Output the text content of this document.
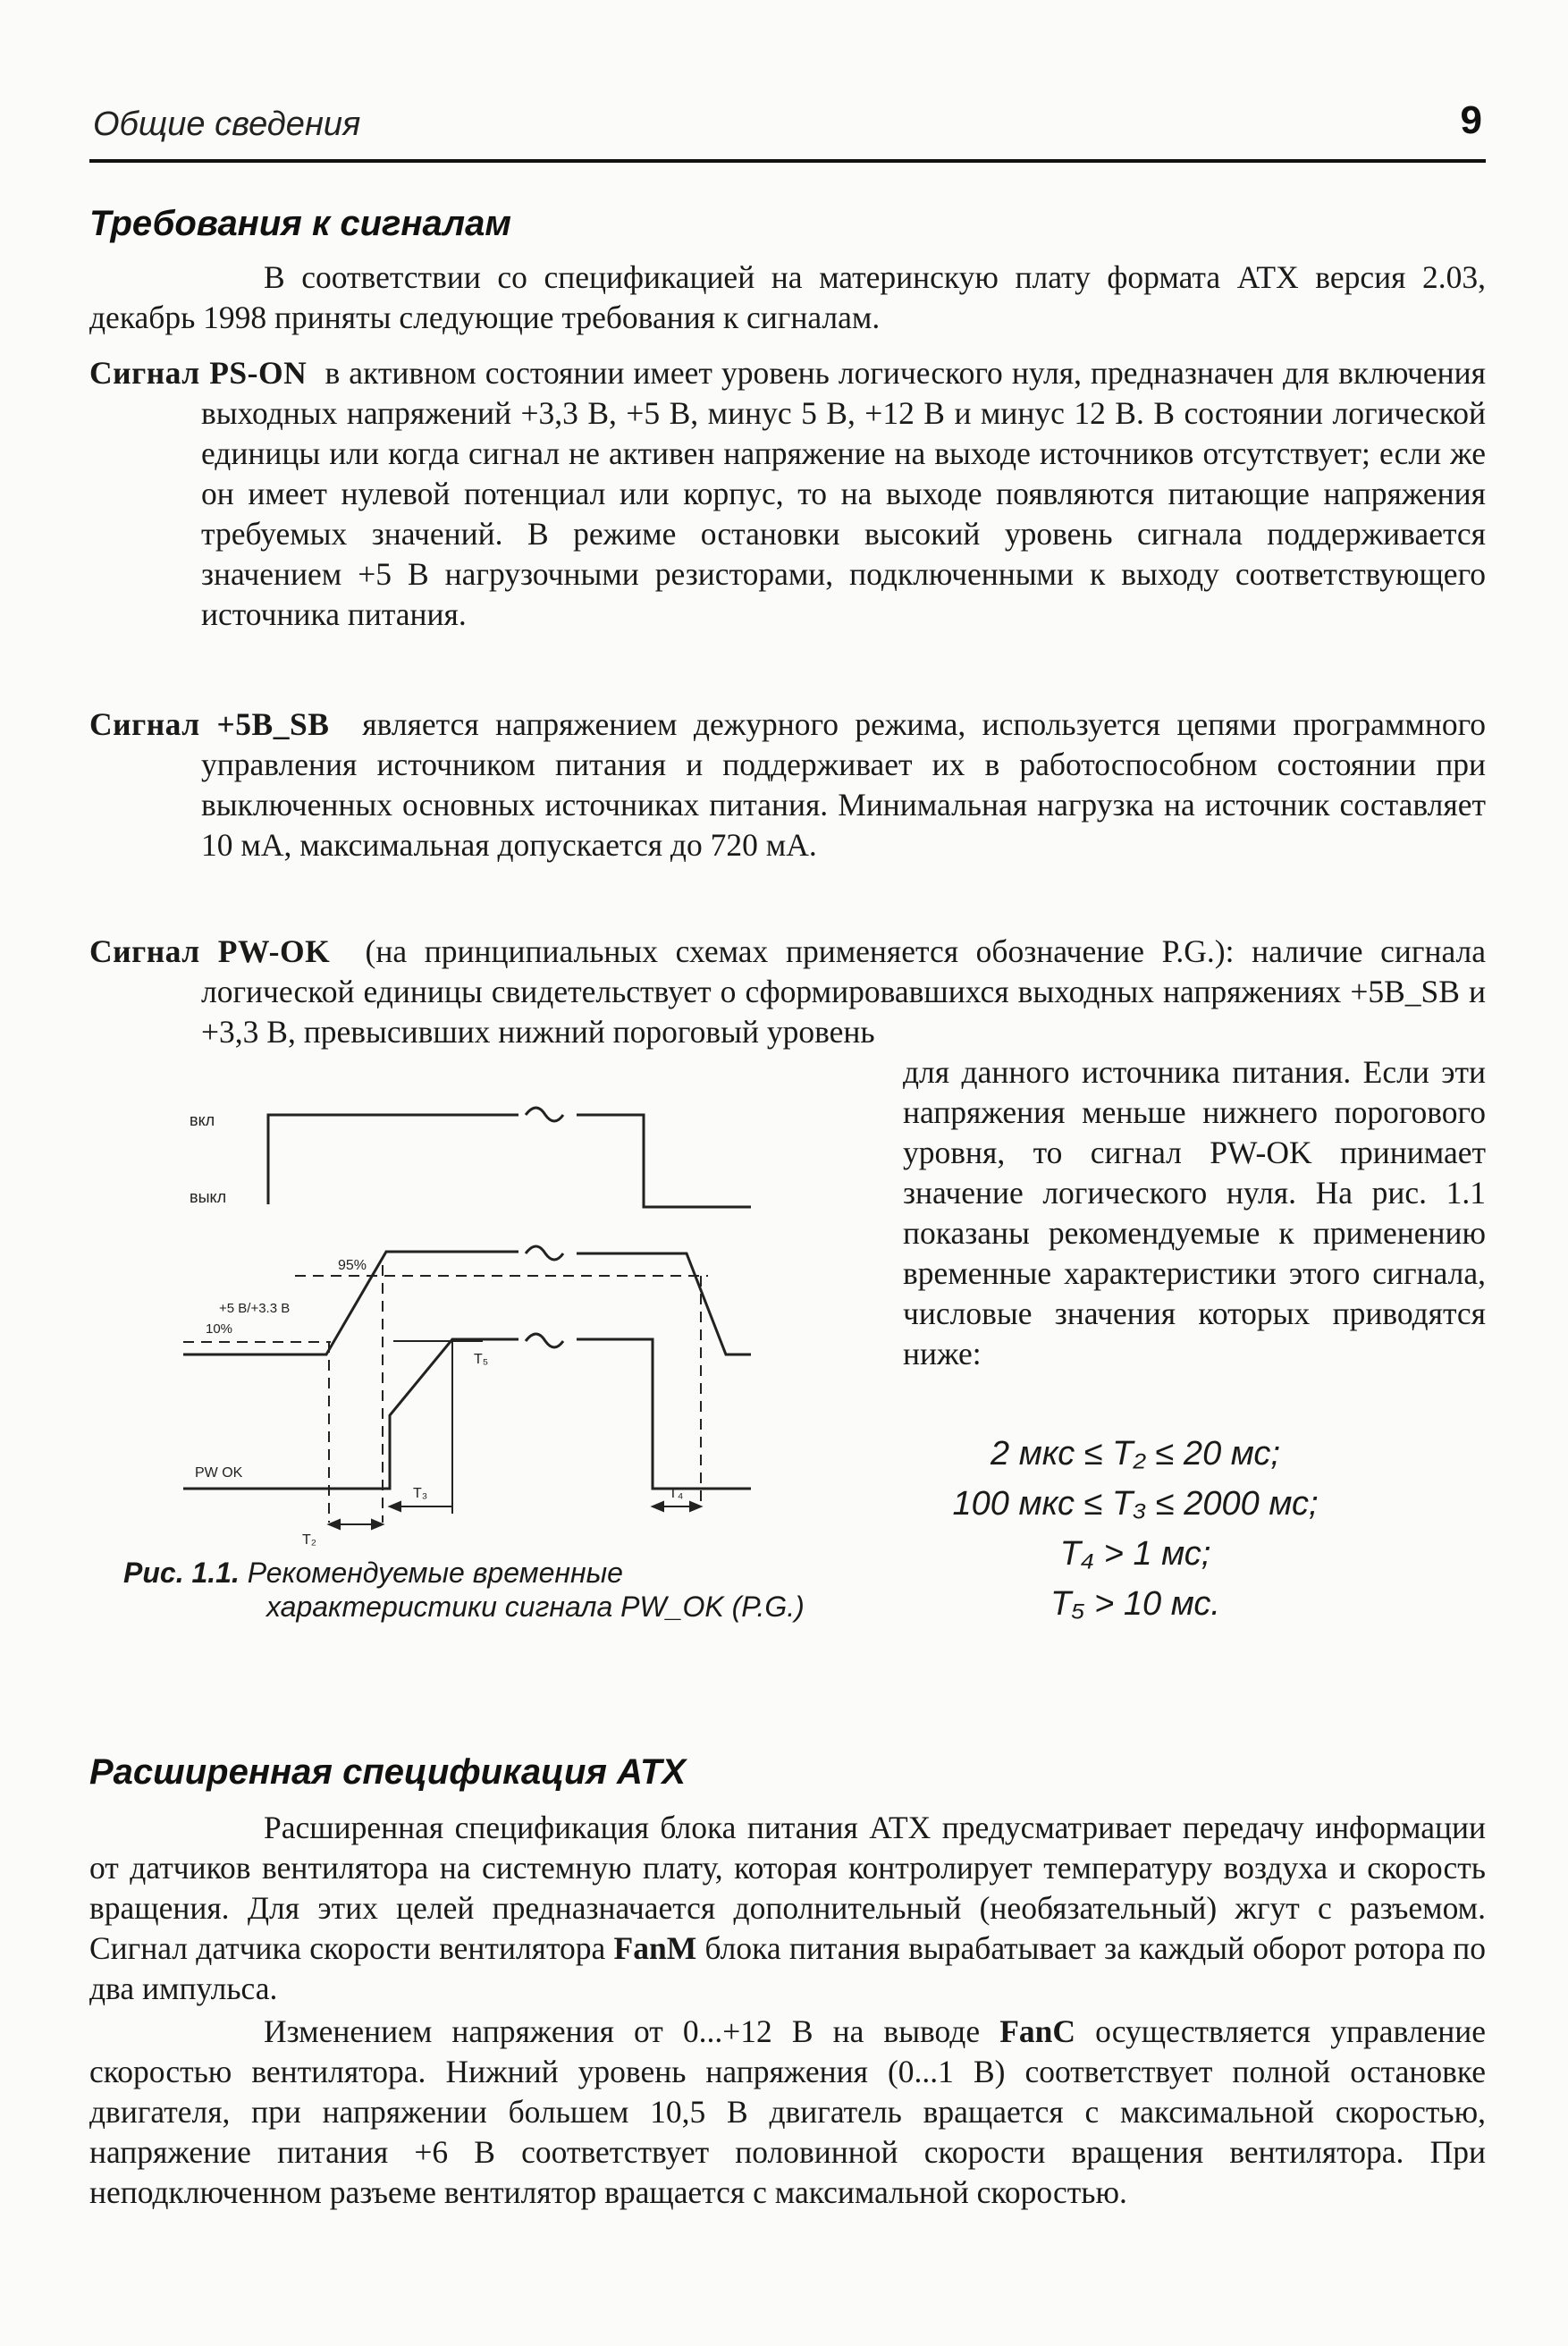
Общие сведения	9
Требования к сигналам
В соответствии со спецификацией на материнскую плату формата ATX версия 2.03, декабрь 1998 приняты следующие требования к сигналам.

Сигнал PS-ON в активном состоянии имеет уровень логического нуля, предназначен для включения выходных напряжений +3,3 В, +5 В, минус 5 В, +12 В и минус 12 В. В состоянии логической единицы или когда сигнал не активен напряжение на выходе источников отсутствует; если же он имеет нулевой потенциал или корпус, то на выходе появляются питающие напряжения требуемых значений. В режиме остановки высокий уровень сигнала поддерживается значением +5 В нагрузочными резисторами, подключенными к выходу соответствующего источника питания.

Сигнал +5B_SB является напряжением дежурного режима, используется цепями программного управления источником питания и поддерживает их в работоспособном состоянии при выключенных основных источниках питания. Минимальная нагрузка на источник составляет 10 мА, максимальная допускается до 720 мА.

Сигнал PW-OK (на принципиальных схемах применяется обозначение P.G.): наличие сигнала логической единицы свидетельствует о сформировавшихся выходных напряжениях +5B_SB и +3,3 В, превысивших нижний пороговый уровень

для данного источника питания. Если эти напряжения меньше нижнего порогового уровня, то сигнал PW-OK принимает значение логического нуля. На рис. 1.1 показаны рекомендуемые к применению временные характеристики этого сигнала, числовые значения которых приводятся ниже:
вкл
выкл
95%
+5 В/+3.3 В
10%
PW OK
T₂
T₃	T₄
T₅
2 мкс ≤ T₂ ≤ 20 мс;
100 мкс ≤ T₃ ≤ 2000 мс;
T₄ > 1 мс;
T₅ > 10 мс.
Рис. 1.1. Рекомендуемые временные
характеристики сигнала PW_OK (P.G.)
Расширенная спецификация ATX
Расширенная спецификация блока питания ATX предусматривает передачу информации от датчиков вентилятора на системную плату, которая контролирует температуру воздуха и скорость вращения. Для этих целей предназначается дополнительный (необязательный) жгут с разъемом. Сигнал датчика скорости вентилятора FanM блока питания вырабатывает за каждый оборот ротора по два импульса.
Изменением напряжения от 0...+12 В на выводе FanC осуществляется управление скоростью вентилятора. Нижний уровень напряжения (0...1 В) соответствует полной остановке двигателя, при напряжении большем 10,5 В двигатель вращается с максимальной скоростью, напряжение питания +6 В соответствует половинной скорости вращения вентилятора. При неподключенном разъеме вентилятор вращается с максимальной скоростью.
